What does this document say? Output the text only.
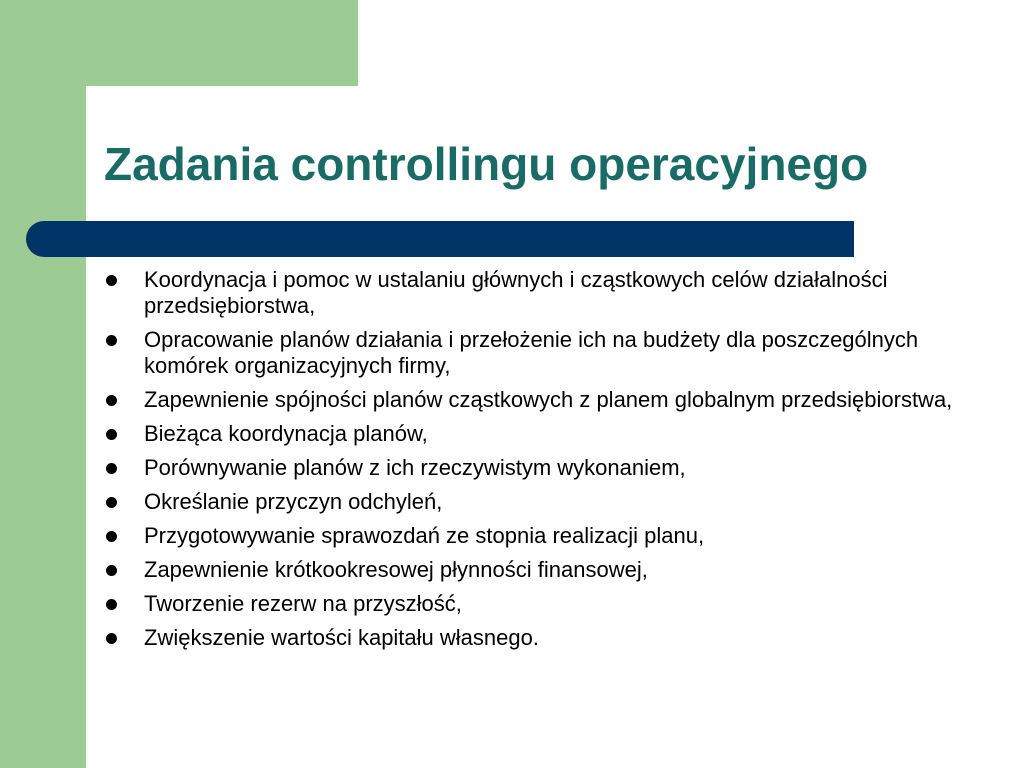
Zadania controllingu operacyjnego
Koordynacja i pomoc w ustalaniu głównych i cząstkowych celów działalności przedsiębiorstwa,
Opracowanie planów działania i przełożenie ich na budżety dla poszczególnych komórek organizacyjnych firmy,
Zapewnienie spójności planów cząstkowych z planem globalnym przedsiębiorstwa,
Bieżąca koordynacja planów,
Porównywanie planów z ich rzeczywistym wykonaniem,
Określanie przyczyn odchyleń,
Przygotowywanie sprawozdań ze stopnia realizacji planu,
Zapewnienie krótkookresowej płynności finansowej,
Tworzenie rezerw na przyszłość,
Zwiększenie wartości kapitału własnego.
